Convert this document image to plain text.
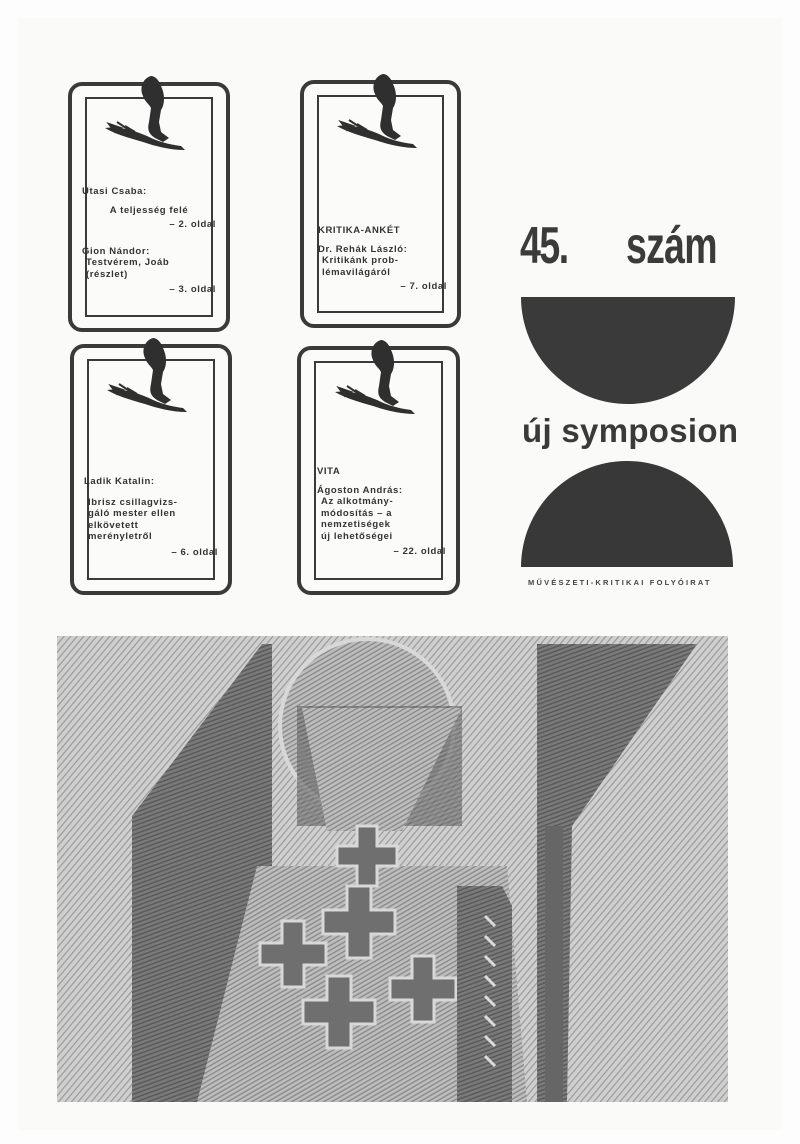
Utasi Csaba:
A teljesség felé
– 2. oldal
Gion Nándor:
Testvérem, Joáb
(részlet)
– 3. oldal
KRITIKA-ANKÉT
Dr. Rehák László:
Kritikánk prob-
lémavilágáról
– 7. oldal
Ladik Katalin:
Ibrisz csillagvizs-
gáló mester ellen
elkövetett
merényletről
– 6. oldal
VITA
Ágoston András:
Az alkotmány-
módosítás – a
nemzetiségek
új lehetőségei
– 22. oldal
45. szám
új symposion
MŰVÉSZETI-KRITIKAI FOLYÓIRAT
